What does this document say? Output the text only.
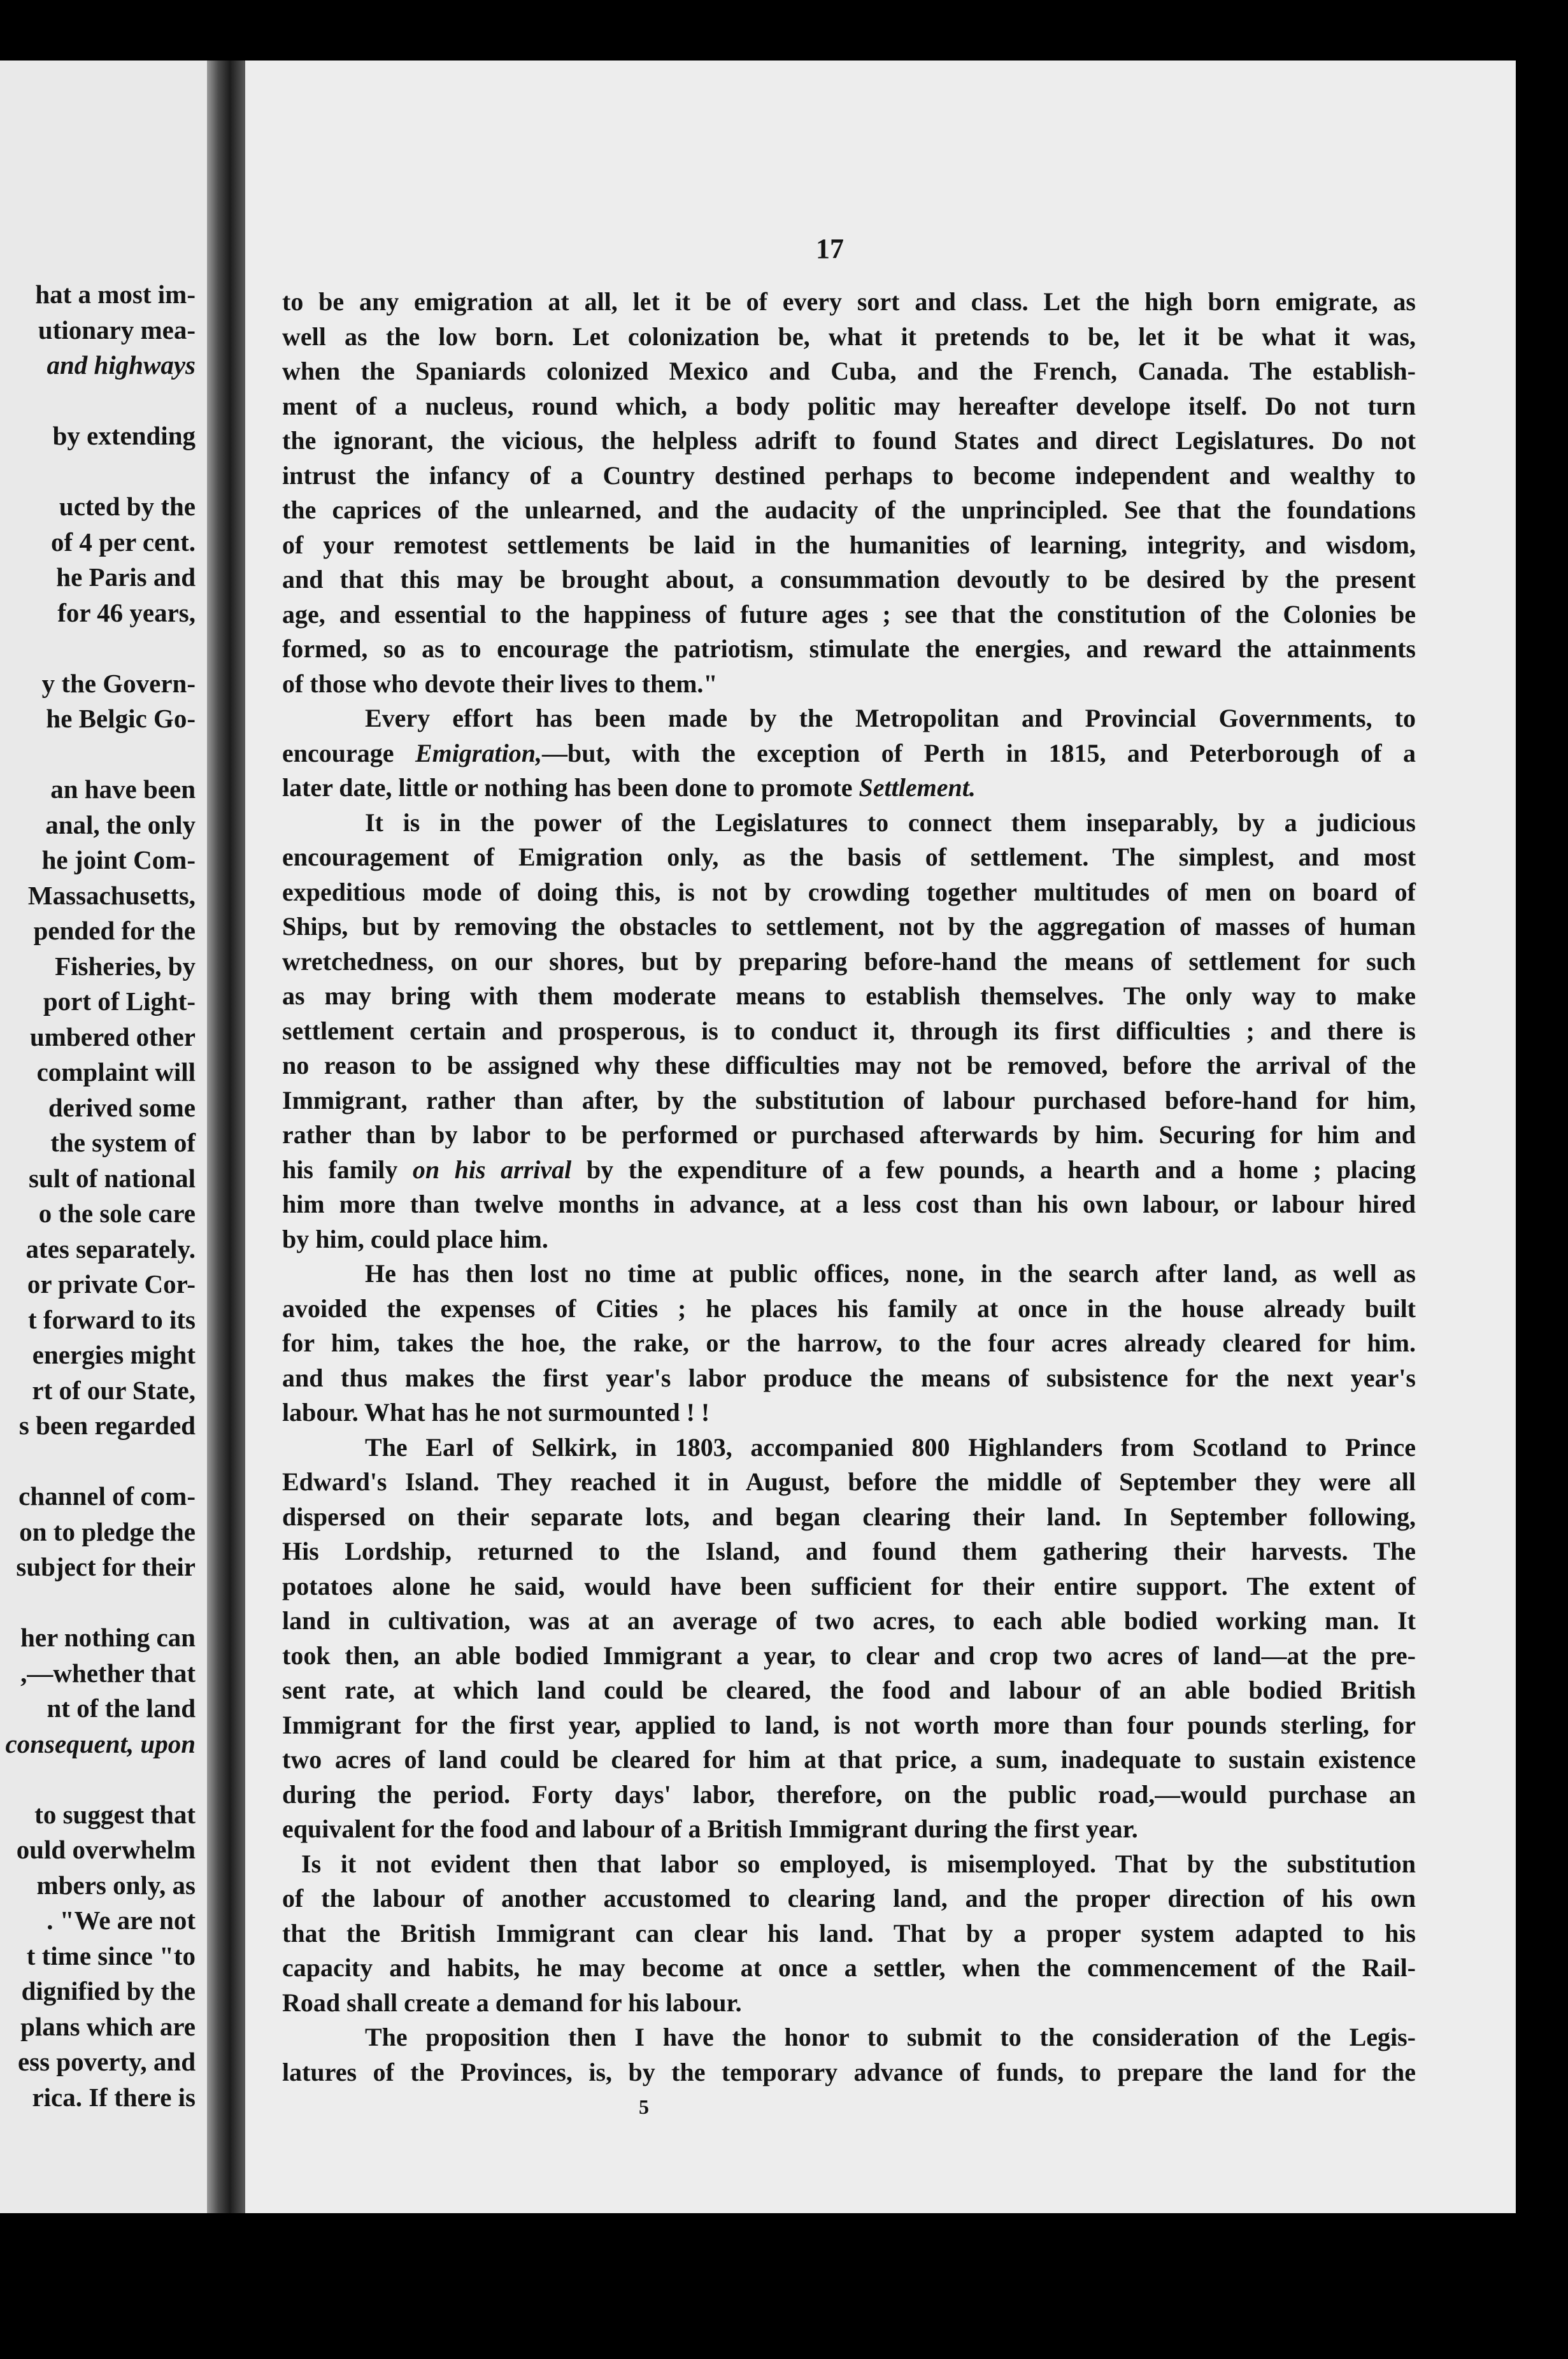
hat a most im-
utionary mea-
and highways
by extending
ucted by the
of 4 per cent.
he Paris and
for 46 years,
y the Govern-
he Belgic Go-
an have been
anal, the only
he joint Com-
Massachusetts,
pended for the
Fisheries, by
port of Light-
umbered other
complaint will
derived some
the system of
sult of national
o the sole care
ates separately.
or private Cor-
t forward to its
energies might
rt of our State,
s been regarded
channel of com-
on to pledge the
subject for their
her nothing can
,—whether that
nt of the land
consequent, upon
to suggest that
ould overwhelm
mbers only, as
. "We are not
t time since "to
dignified by the
plans which are
ess poverty, and
rica. If there is
17
to be any emigration at all, let it be of every sort and class. Let the high born emigrate, as
well as the low born. Let colonization be, what it pretends to be, let it be what it was,
when the Spaniards colonized Mexico and Cuba, and the French, Canada. The establish-
ment of a nucleus, round which, a body politic may hereafter develope itself. Do not turn
the ignorant, the vicious, the helpless adrift to found States and direct Legislatures. Do not
intrust the infancy of a Country destined perhaps to become independent and wealthy to
the caprices of the unlearned, and the audacity of the unprincipled. See that the foundations
of your remotest settlements be laid in the humanities of learning, integrity, and wisdom,
and that this may be brought about, a consummation devoutly to be desired by the present
age, and essential to the happiness of future ages ; see that the constitution of the Colonies be
formed, so as to encourage the patriotism, stimulate the energies, and reward the attainments
of those who devote their lives to them."
Every effort has been made by the Metropolitan and Provincial Governments, to
encourage Emigration,—but, with the exception of Perth in 1815, and Peterborough of a
later date, little or nothing has been done to promote Settlement.
It is in the power of the Legislatures to connect them inseparably, by a judicious
encouragement of Emigration only, as the basis of settlement. The simplest, and most
expeditious mode of doing this, is not by crowding together multitudes of men on board of
Ships, but by removing the obstacles to settlement, not by the aggregation of masses of human
wretchedness, on our shores, but by preparing before-hand the means of settlement for such
as may bring with them moderate means to establish themselves. The only way to make
settlement certain and prosperous, is to conduct it, through its first difficulties ; and there is
no reason to be assigned why these difficulties may not be removed, before the arrival of the
Immigrant, rather than after, by the substitution of labour purchased before-hand for him,
rather than by labor to be performed or purchased afterwards by him. Securing for him and
his family on his arrival by the expenditure of a few pounds, a hearth and a home ; placing
him more than twelve months in advance, at a less cost than his own labour, or labour hired
by him, could place him.
He has then lost no time at public offices, none, in the search after land, as well as
avoided the expenses of Cities ; he places his family at once in the house already built
for him, takes the hoe, the rake, or the harrow, to the four acres already cleared for him.
and thus makes the first year's labor produce the means of subsistence for the next year's
labour. What has he not surmounted ! !
The Earl of Selkirk, in 1803, accompanied 800 Highlanders from Scotland to Prince
Edward's Island. They reached it in August, before the middle of September they were all
dispersed on their separate lots, and began clearing their land. In September following,
His Lordship, returned to the Island, and found them gathering their harvests. The
potatoes alone he said, would have been sufficient for their entire support. The extent of
land in cultivation, was at an average of two acres, to each able bodied working man. It
took then, an able bodied Immigrant a year, to clear and crop two acres of land—at the pre-
sent rate, at which land could be cleared, the food and labour of an able bodied British
Immigrant for the first year, applied to land, is not worth more than four pounds sterling, for
two acres of land could be cleared for him at that price, a sum, inadequate to sustain existence
during the period. Forty days' labor, therefore, on the public road,—would purchase an
equivalent for the food and labour of a British Immigrant during the first year.
Is it not evident then that labor so employed, is misemployed. That by the substitution
of the labour of another accustomed to clearing land, and the proper direction of his own
that the British Immigrant can clear his land. That by a proper system adapted to his
capacity and habits, he may become at once a settler, when the commencement of the Rail-
Road shall create a demand for his labour.
The proposition then I have the honor to submit to the consideration of the Legis-
latures of the Provinces, is, by the temporary advance of funds, to prepare the land for the
5
